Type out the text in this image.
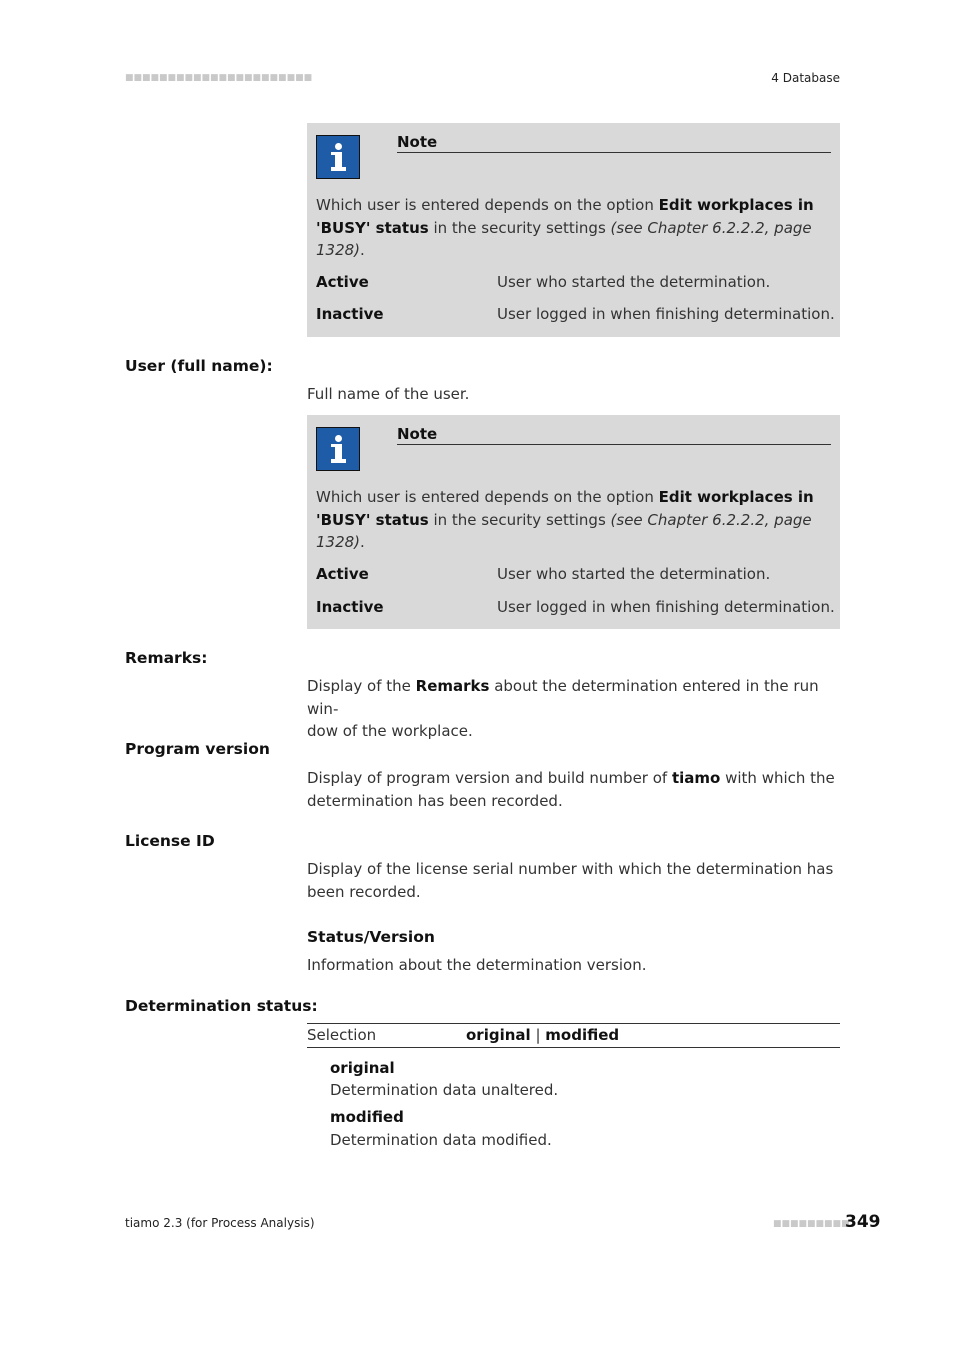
■■■■■■■■■■■■■■■■■■■■■■	4 Database
Note
Which user is entered depends on the option Edit workplaces in
'BUSY' status in the security settings (see Chapter 6.2.2.2, page
1328).
Active	User who started the determination.
Inactive	User logged in when finishing determination.
User (full name):
Full name of the user.
Note
Which user is entered depends on the option Edit workplaces in
'BUSY' status in the security settings (see Chapter 6.2.2.2, page
1328).
Active	User who started the determination.
Inactive	User logged in when finishing determination.
Remarks:
Display of the Remarks about the determination entered in the run win-
dow of the workplace.
Program version
Display of program version and build number of tiamo with which the
determination has been recorded.
License ID
Display of the license serial number with which the determination has
been recorded.
Status/Version
Information about the determination version.
Determination status:
Selection	original | modified
original
Determination data unaltered.
modified
Determination data modified.
tiamo 2.3 (for Process Analysis)	■■■■■■■■■
349
